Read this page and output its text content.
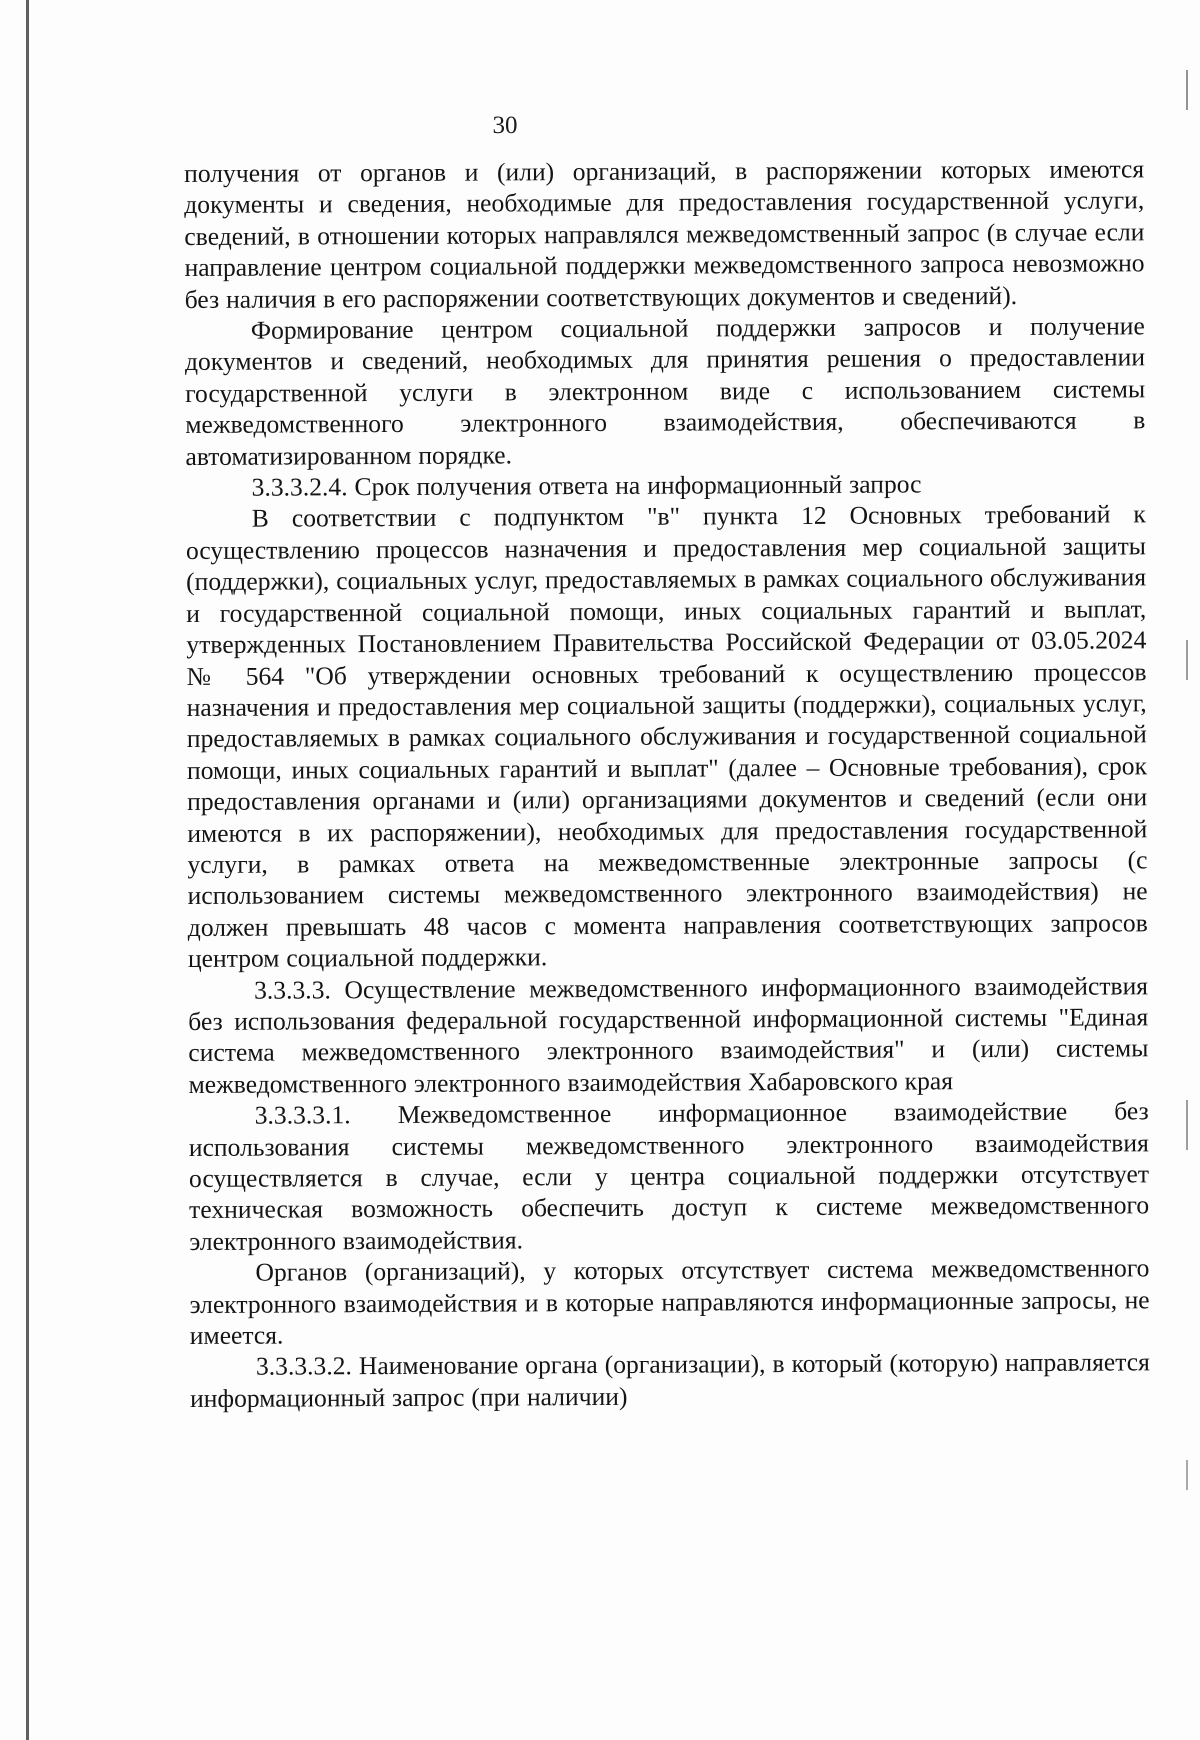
30

получения от органов и (или) организаций, в распоряжении которых имеются документы и сведения, необходимые для предоставления государственной услуги, сведений, в отношении которых направлялся межведомственный запрос (в случае если направление центром социальной поддержки межведомственного запроса невозможно без наличия в его распоряжении соответствующих документов и сведений).

Формирование центром социальной поддержки запросов и получение документов и сведений, необходимых для принятия решения о предоставлении государственной услуги в электронном виде с использованием системы межведомственного электронного взаимодействия, обеспечиваются в автоматизированном порядке.

3.3.3.2.4. Срок получения ответа на информационный запрос

В соответствии с подпунктом "в" пункта 12 Основных требований к осуществлению процессов назначения и предоставления мер социальной защиты (поддержки), социальных услуг, предоставляемых в рамках социального обслуживания и государственной социальной помощи, иных социальных гарантий и выплат, утвержденных Постановлением Правительства Российской Федерации от 03.05.2024 № 564 "Об утверждении основных требований к осуществлению процессов назначения и предоставления мер социальной защиты (поддержки), социальных услуг, предоставляемых в рамках социального обслуживания и государственной социальной помощи, иных социальных гарантий и выплат" (далее – Основные требования), срок предоставления органами и (или) организациями документов и сведений (если они имеются в их распоряжении), необходимых для предоставления государственной услуги, в рамках ответа на межведомственные электронные запросы (с использованием системы межведомственного электронного взаимодействия) не должен превышать 48 часов с момента направления соответствующих запросов центром социальной поддержки.

3.3.3.3. Осуществление межведомственного информационного взаимодействия без использования федеральной государственной информационной системы "Единая система межведомственного электронного взаимодействия" и (или) системы межведомственного электронного взаимодействия Хабаровского края

3.3.3.3.1. Межведомственное информационное взаимодействие без использования системы межведомственного электронного взаимодействия осуществляется в случае, если у центра социальной поддержки отсутствует техническая возможность обеспечить доступ к системе межведомственного электронного взаимодействия.

Органов (организаций), у которых отсутствует система межведомственного электронного взаимодействия и в которые направляются информационные запросы, не имеется.

3.3.3.3.2. Наименование органа (организации), в который (которую) направляется информационный запрос (при наличии)
